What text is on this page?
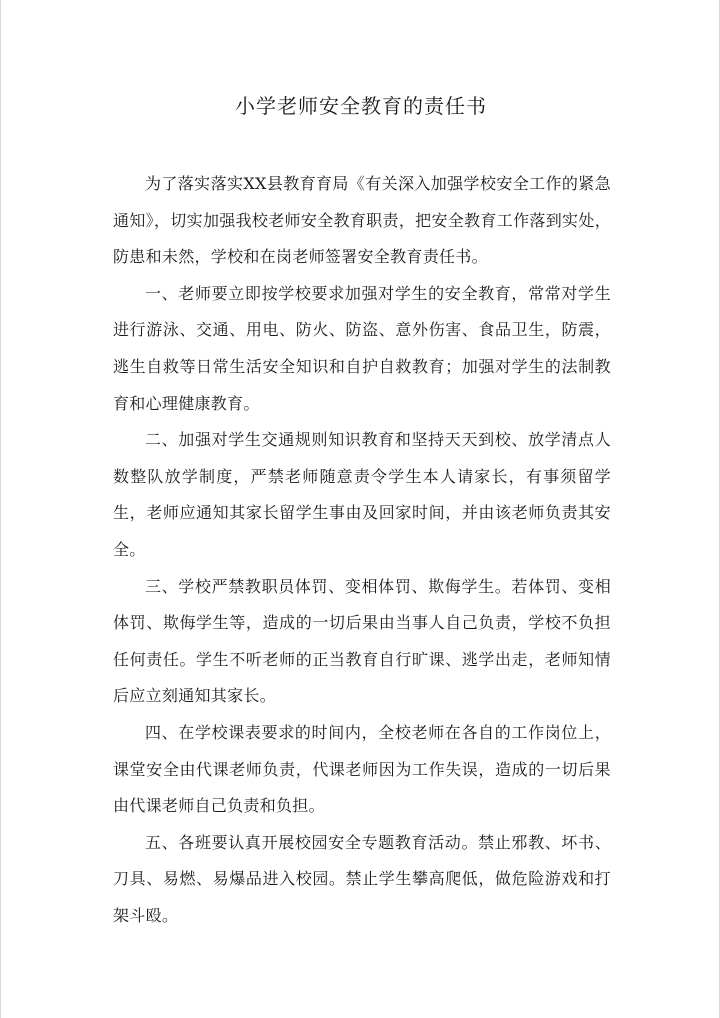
小学老师安全教育的责任书

为了落实落实XX县教育育局《有关深入加强学校安全工作的紧急通知》，切实加强我校老师安全教育职责，把安全教育工作落到实处，防患和未然，学校和在岗老师签署安全教育责任书。

一、老师要立即按学校要求加强对学生的安全教育，常常对学生进行游泳、交通、用电、防火、防盗、意外伤害、食品卫生，防震，逃生自救等日常生活安全知识和自护自救教育；加强对学生的法制教育和心理健康教育。

二、加强对学生交通规则知识教育和坚持天天到校、放学清点人数整队放学制度，严禁老师随意责令学生本人请家长，有事须留学生，老师应通知其家长留学生事由及回家时间，并由该老师负责其安全。

三、学校严禁教职员体罚、变相体罚、欺侮学生。若体罚、变相体罚、欺侮学生等，造成的一切后果由当事人自己负责，学校不负担任何责任。学生不听老师的正当教育自行旷课、逃学出走，老师知情后应立刻通知其家长。

四、在学校课表要求的时间内，全校老师在各自的工作岗位上，课堂安全由代课老师负责，代课老师因为工作失误，造成的一切后果由代课老师自己负责和负担。

五、各班要认真开展校园安全专题教育活动。禁止邪教、坏书、刀具、易燃、易爆品进入校园。禁止学生攀高爬低，做危险游戏和打架斗殴。
